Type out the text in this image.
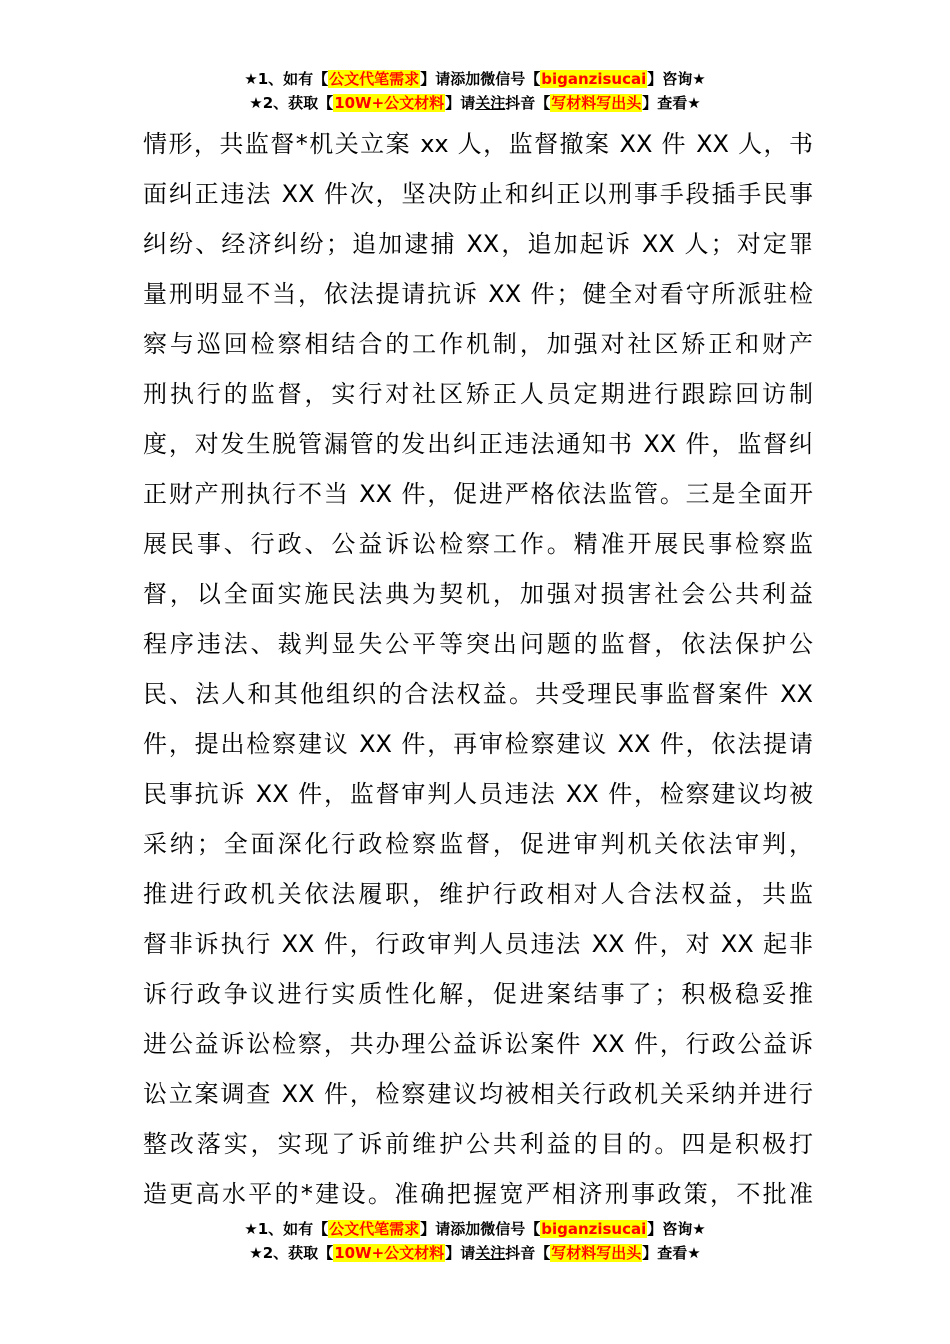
★1、如有【公文代笔需求】请添加微信号【biganzisucai】咨询★
★2、获取【10W+公文材料】请关注抖音【写材料写出头】查看★
情形，共监督*机关立案 xx 人，监督撤案 XX 件 XX 人，书
面纠正违法 XX 件次，坚决防止和纠正以刑事手段插手民事
纠纷、经济纠纷；追加逮捕 XX，追加起诉 XX 人；对定罪
量刑明显不当，依法提请抗诉 XX 件；健全对看守所派驻检
察与巡回检察相结合的工作机制，加强对社区矫正和财产
刑执行的监督，实行对社区矫正人员定期进行跟踪回访制
度，对发生脱管漏管的发出纠正违法通知书 XX 件，监督纠
正财产刑执行不当 XX 件，促进严格依法监管。三是全面开
展民事、行政、公益诉讼检察工作。精准开展民事检察监
督，以全面实施民法典为契机，加强对损害社会公共利益
程序违法、裁判显失公平等突出问题的监督，依法保护公
民、法人和其他组织的合法权益。共受理民事监督案件 XX
件，提出检察建议 XX 件，再审检察建议 XX 件，依法提请
民事抗诉 XX 件，监督审判人员违法 XX 件，检察建议均被
采纳；全面深化行政检察监督，促进审判机关依法审判，
推进行政机关依法履职，维护行政相对人合法权益，共监
督非诉执行 XX 件，行政审判人员违法 XX 件，对 XX 起非
诉行政争议进行实质性化解，促进案结事了；积极稳妥推
进公益诉讼检察，共办理公益诉讼案件 XX 件，行政公益诉
讼立案调查 XX 件，检察建议均被相关行政机关采纳并进行
整改落实，实现了诉前维护公共利益的目的。四是积极打
造更高水平的*建设。准确把握宽严相济刑事政策，不批准
★1、如有【公文代笔需求】请添加微信号【biganzisucai】咨询★
★2、获取【10W+公文材料】请关注抖音【写材料写出头】查看★
